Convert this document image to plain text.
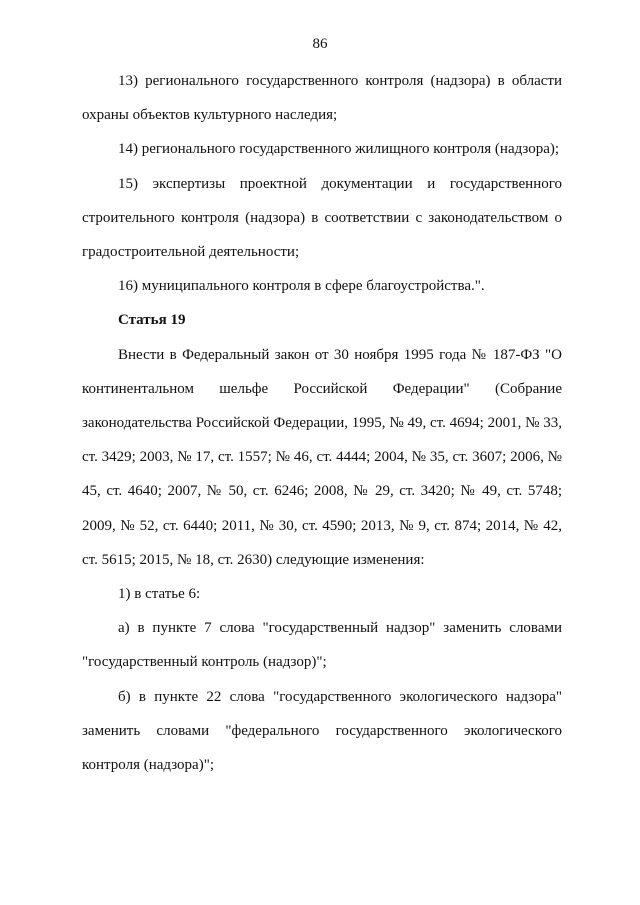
86

13) регионального государственного контроля (надзора) в области охраны объектов культурного наследия;

14) регионального государственного жилищного контроля (надзора);

15) экспертизы проектной документации и государственного строительного контроля (надзора) в соответствии с законодательством о градостроительной деятельности;

16) муниципального контроля в сфере благоустройства.".

Статья 19

Внести в Федеральный закон от 30 ноября 1995 года № 187-ФЗ "О континентальном шельфе Российской Федерации" (Собрание законодательства Российской Федерации, 1995, № 49, ст. 4694; 2001, № 33, ст. 3429; 2003, № 17, ст. 1557; № 46, ст. 4444; 2004, № 35, ст. 3607; 2006, № 45, ст. 4640; 2007, № 50, ст. 6246; 2008, № 29, ст. 3420; № 49, ст. 5748; 2009, № 52, ст. 6440; 2011, № 30, ст. 4590; 2013, № 9, ст. 874; 2014, № 42, ст. 5615; 2015, № 18, ст. 2630) следующие изменения:

1) в статье 6:

а) в пункте 7 слова "государственный надзор" заменить словами "государственный контроль (надзор)";

б) в пункте 22 слова "государственного экологического надзора" заменить словами "федерального государственного экологического контроля (надзора)";
